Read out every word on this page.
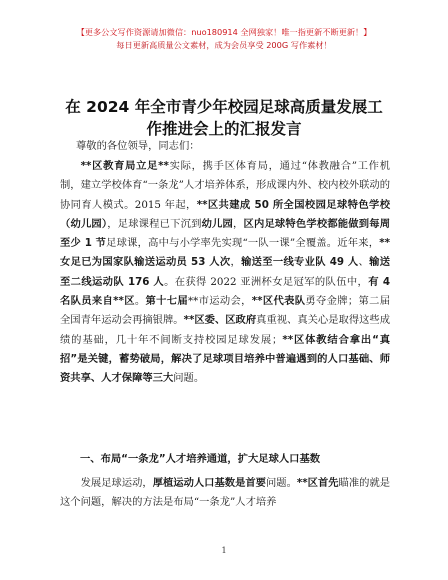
【更多公文写作资源请加微信：nuo180914 全网独家！唯一指更新不断更新！】
每日更新高质量公文素材，成为会员享受 200G 写作素材！
在 2024 年全市青少年校园足球高质量发展工作推进会上的汇报发言
尊敬的各位领导，同志们：

**区教育局立足**实际，携手区体育局，通过“体教融合”工作机制，建立学校体育“一条龙”人才培养体系，形成课内外、校内校外联动的协同育人模式。2015 年起，**区共建成 50 所全国校园足球特色学校（幼儿园），足球课程已下沉到幼儿园，区内足球特色学校都能做到每周至少 1 节足球课，高中与小学率先实现“一队一课”全覆盖。近年来，**女足已为国家队输送运动员 53 人次，输送至一线专业队 49 人、输送至二线运动队 176 人。在获得 2022 亚洲杯女足冠军的队伍中，有 4 名队员来自**区。第十七届**市运动会，**区代表队勇夺金牌；第二届全国青年运动会再摘银牌。**区委、区政府真重视、真关心是取得这些成绩的基础，几十年不间断支持校园足球发展；**区体教结合拿出“真招”是关键，蓄势破局，解决了足球项目培养中普遍遇到的人口基础、师资共享、人才保障等三大问题。

一、布局“一条龙”人才培养通道，扩大足球人口基数

发展足球运动，厚植运动人口基数是首要问题。**区首先瞄准的就是这个问题，解决的方法是布局“一条龙”人才培养

1
